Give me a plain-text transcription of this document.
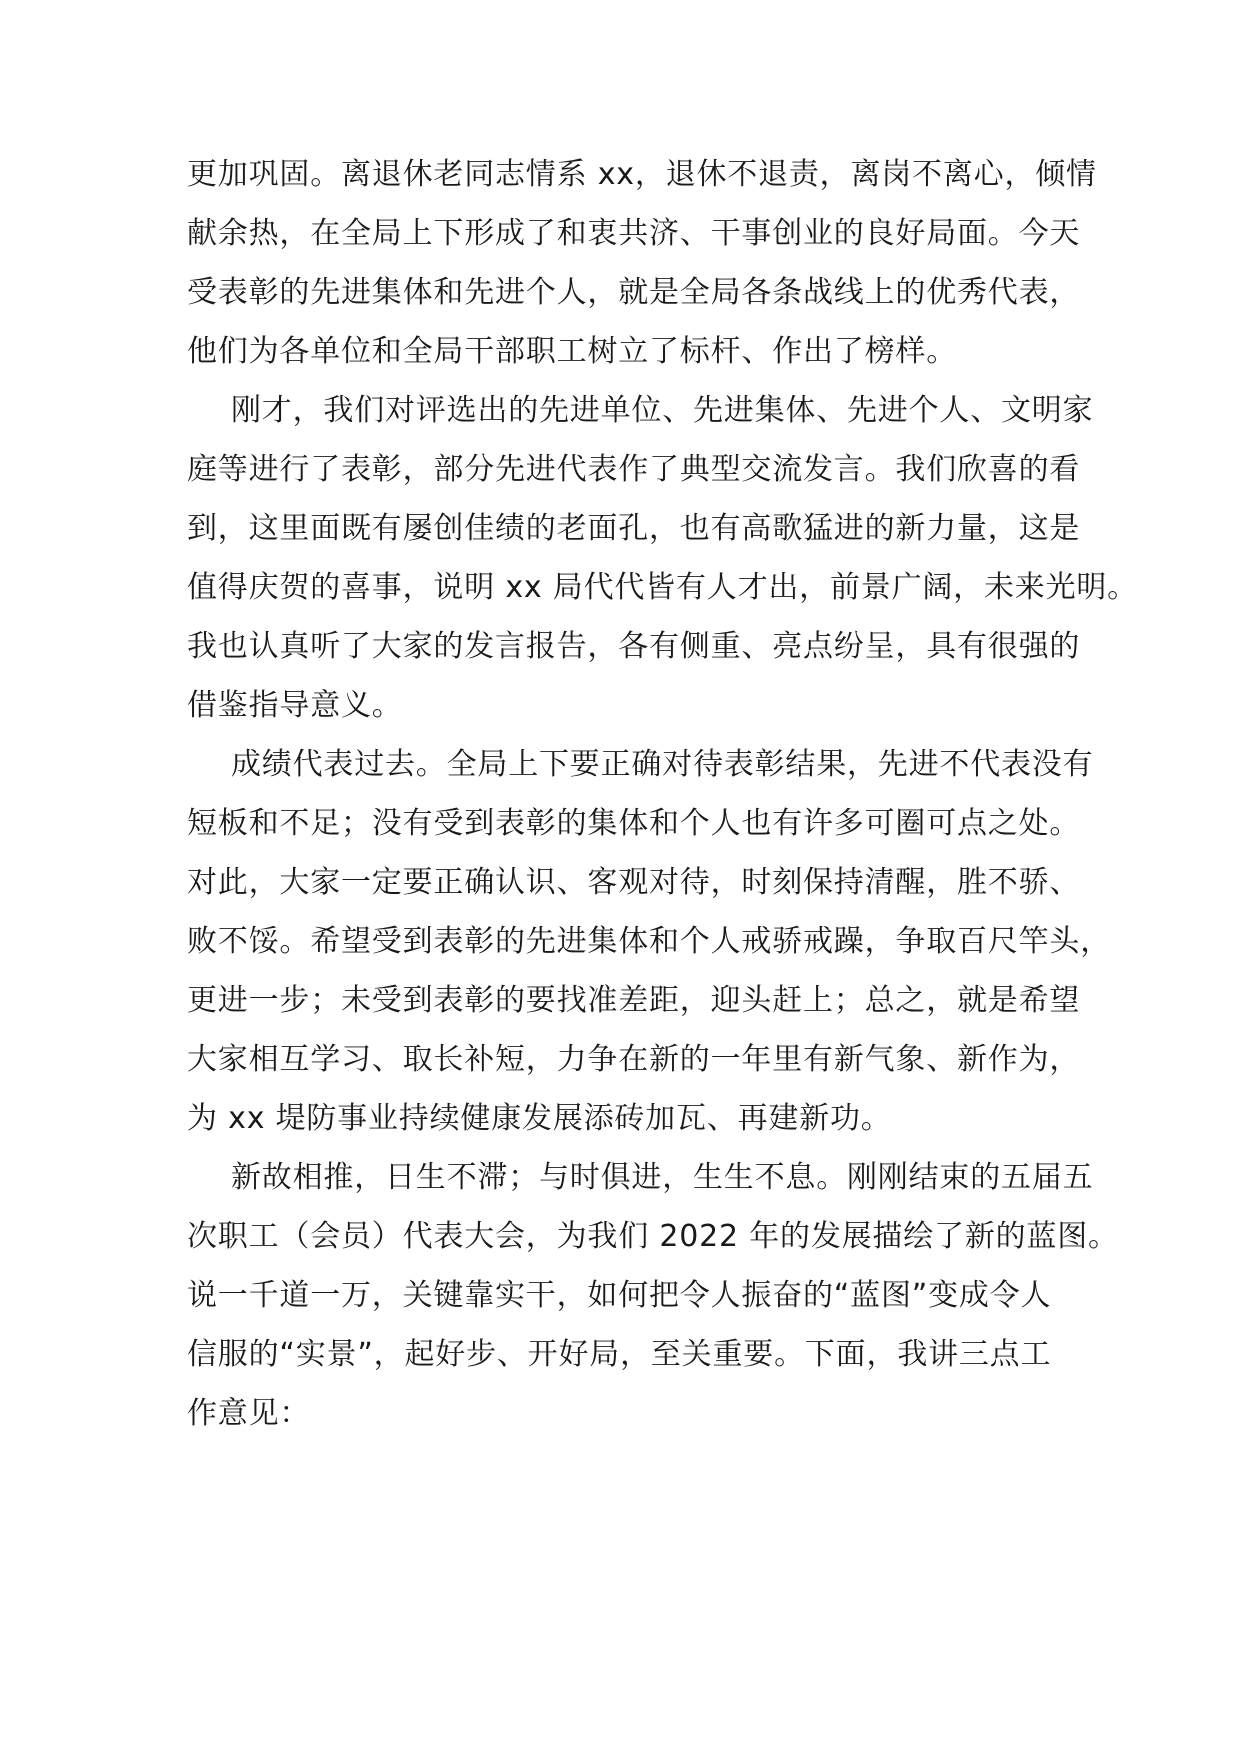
更加巩固。离退休老同志情系 xx，退休不退责，离岗不离心，倾情
献余热，在全局上下形成了和衷共济、干事创业的良好局面。今天
受表彰的先进集体和先进个人，就是全局各条战线上的优秀代表，
他们为各单位和全局干部职工树立了标杆、作出了榜样。
刚才，我们对评选出的先进单位、先进集体、先进个人、文明家
庭等进行了表彰，部分先进代表作了典型交流发言。我们欣喜的看
到，这里面既有屡创佳绩的老面孔，也有高歌猛进的新力量，这是
值得庆贺的喜事，说明 xx 局代代皆有人才出，前景广阔，未来光明。
我也认真听了大家的发言报告，各有侧重、亮点纷呈，具有很强的
借鉴指导意义。
成绩代表过去。全局上下要正确对待表彰结果，先进不代表没有
短板和不足；没有受到表彰的集体和个人也有许多可圈可点之处。
对此，大家一定要正确认识、客观对待，时刻保持清醒，胜不骄、
败不馁。希望受到表彰的先进集体和个人戒骄戒躁，争取百尺竿头，
更进一步；未受到表彰的要找准差距，迎头赶上；总之，就是希望
大家相互学习、取长补短，力争在新的一年里有新气象、新作为，
为 xx 堤防事业持续健康发展添砖加瓦、再建新功。
新故相推，日生不滞；与时俱进，生生不息。刚刚结束的五届五
次职工（会员）代表大会，为我们 2022 年的发展描绘了新的蓝图。
说一千道一万，关键靠实干，如何把令人振奋的“蓝图”变成令人
信服的“实景”，起好步、开好局，至关重要。下面，我讲三点工
作意见：
